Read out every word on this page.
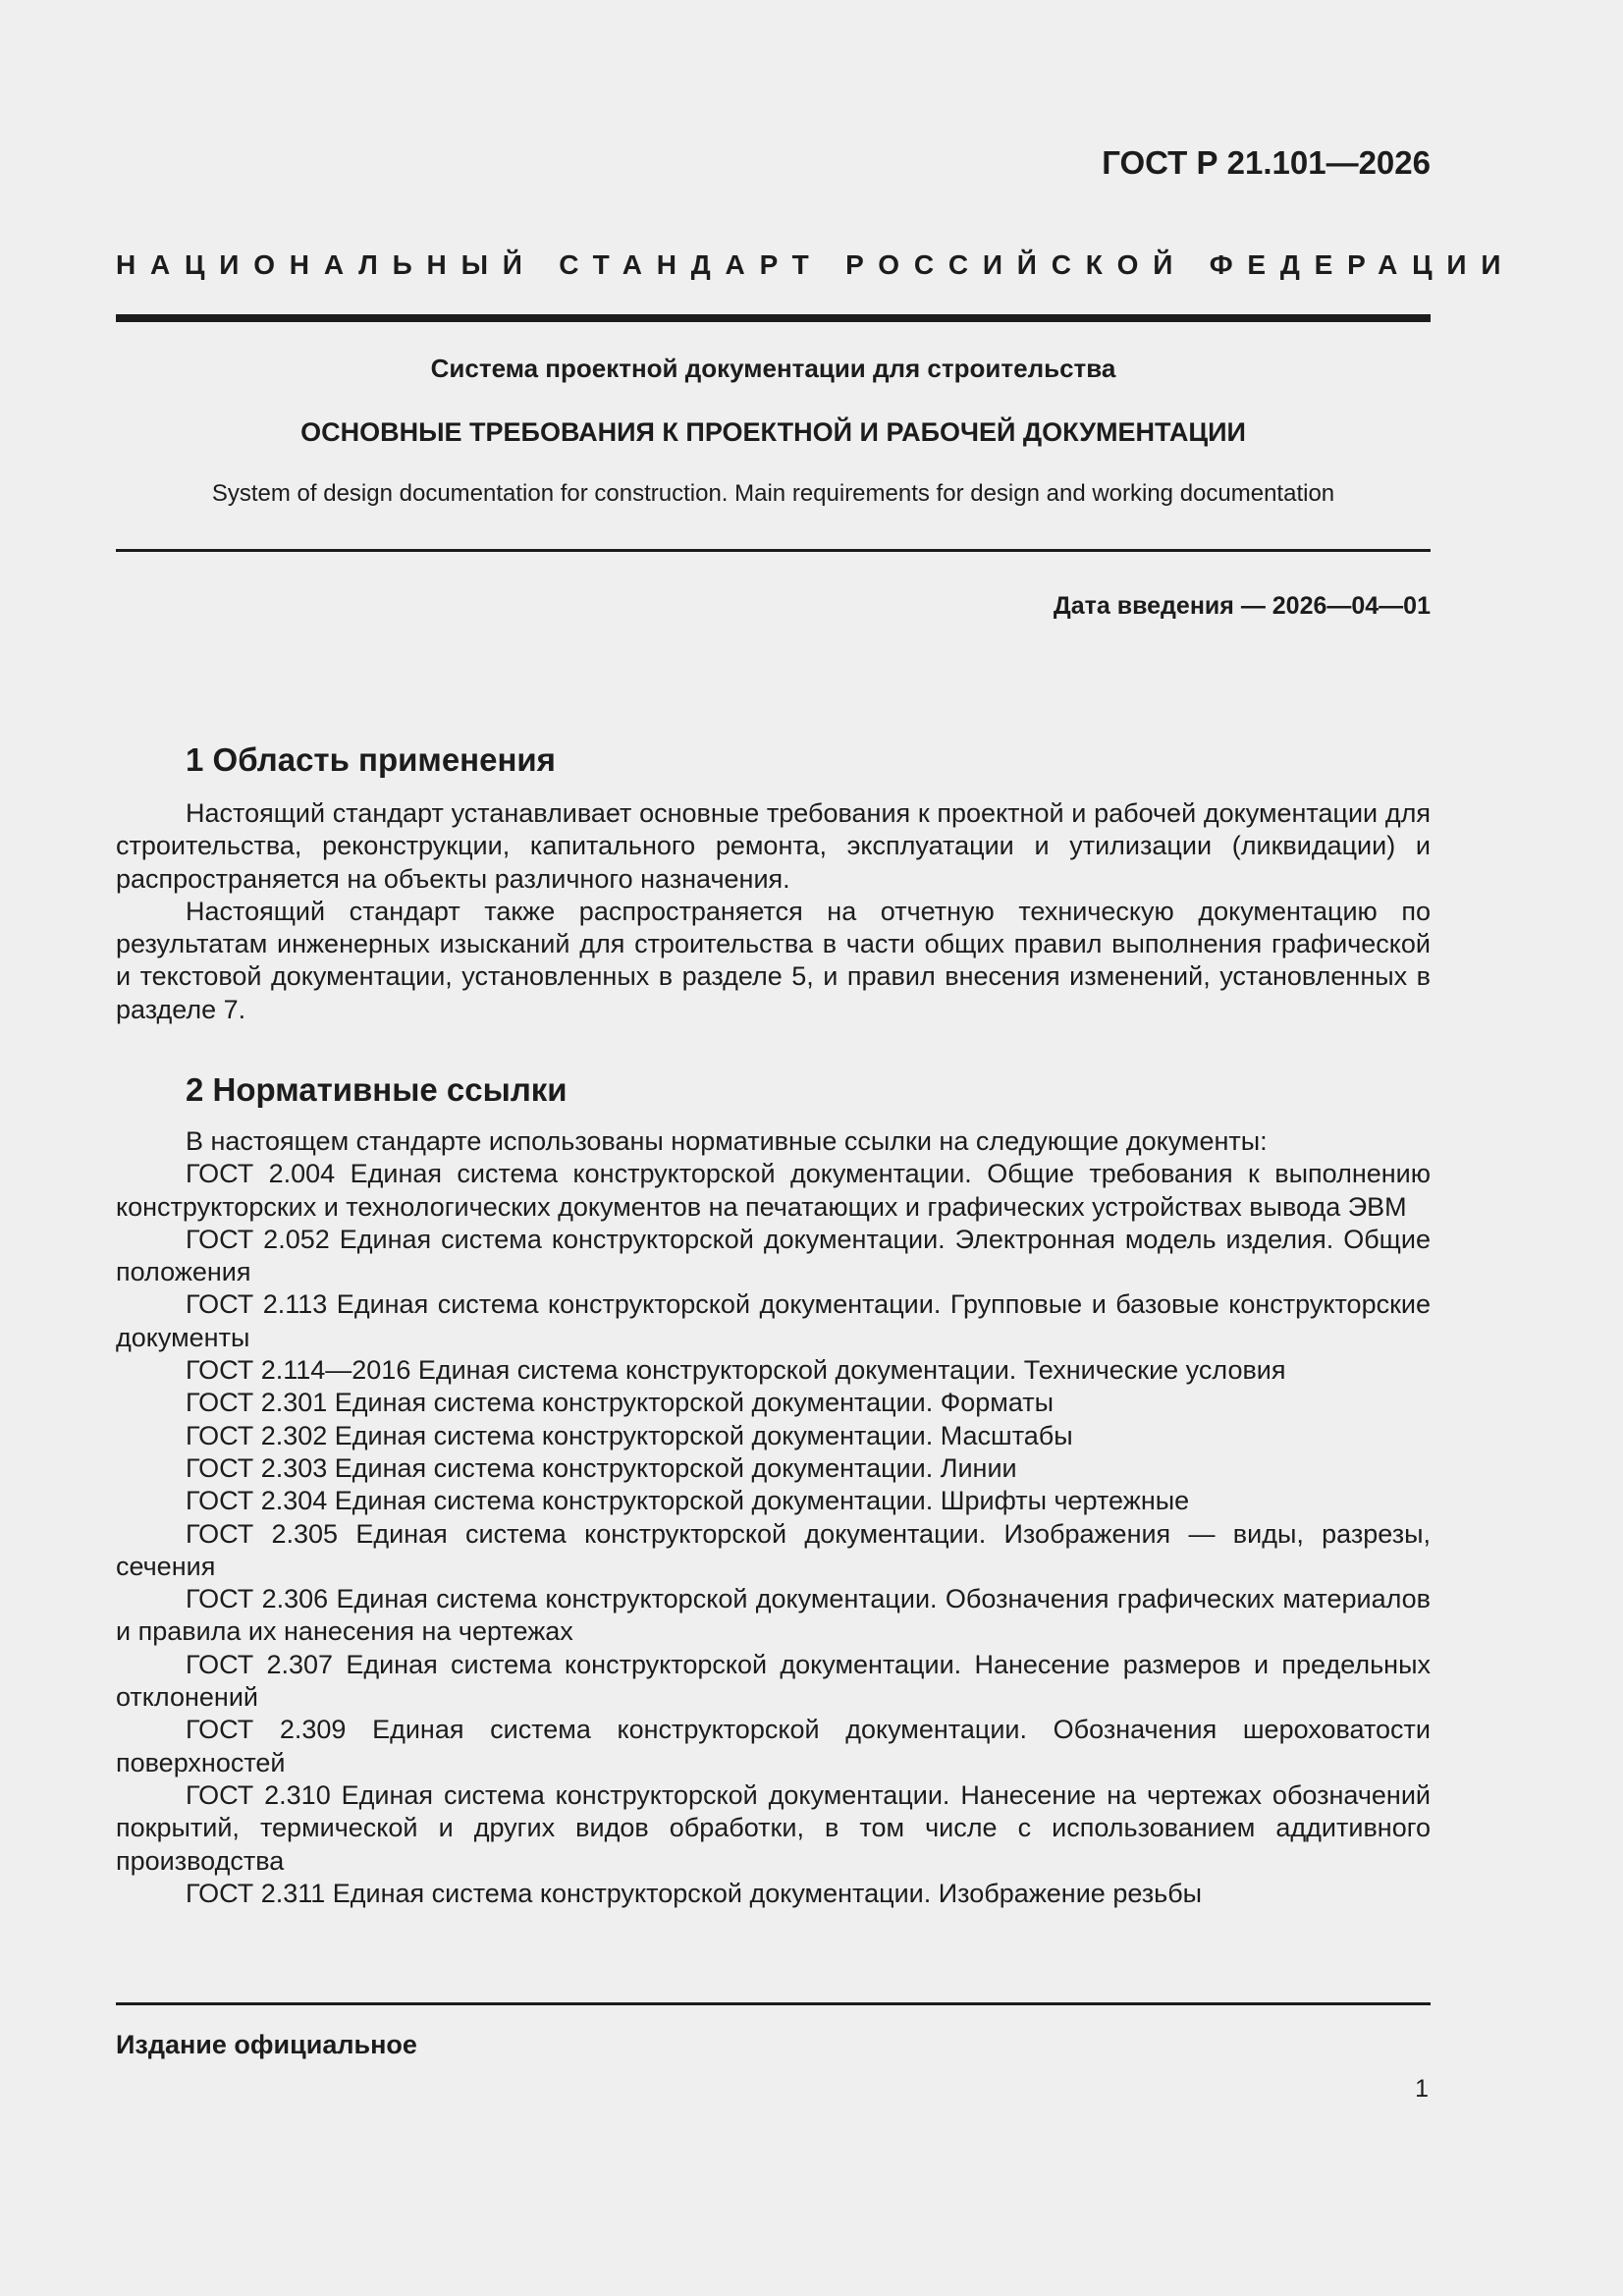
ГОСТ Р 21.101—2026
НАЦИОНАЛЬНЫЙ СТАНДАРТ РОССИЙСКОЙ ФЕДЕРАЦИИ
Система проектной документации для строительства
ОСНОВНЫЕ ТРЕБОВАНИЯ К ПРОЕКТНОЙ И РАБОЧЕЙ ДОКУМЕНТАЦИИ
System of design documentation for construction. Main requirements for design and working documentation
Дата введения — 2026—04—01
1 Область применения

Настоящий стандарт устанавливает основные требования к проектной и рабочей документации для строительства, реконструкции, капитального ремонта, эксплуатации и утилизации (ликвидации) и распространяется на объекты различного назначения.

Настоящий стандарт также распространяется на отчетную техническую документацию по результатам инженерных изысканий для строительства в части общих правил выполнения графической и текстовой документации, установленных в разделе 5, и правил внесения изменений, установленных в разделе 7.

2 Нормативные ссылки

В настоящем стандарте использованы нормативные ссылки на следующие документы:

ГОСТ 2.004 Единая система конструкторской документации. Общие требования к выполнению конструкторских и технологических документов на печатающих и графических устройствах вывода ЭВМ

ГОСТ 2.052 Единая система конструкторской документации. Электронная модель изделия. Общие положения

ГОСТ 2.113 Единая система конструкторской документации. Групповые и базовые конструкторские документы

ГОСТ 2.114—2016 Единая система конструкторской документации. Технические условия

ГОСТ 2.301 Единая система конструкторской документации. Форматы

ГОСТ 2.302 Единая система конструкторской документации. Масштабы

ГОСТ 2.303 Единая система конструкторской документации. Линии

ГОСТ 2.304 Единая система конструкторской документации. Шрифты чертежные

ГОСТ 2.305 Единая система конструкторской документации. Изображения — виды, разрезы, сечения

ГОСТ 2.306 Единая система конструкторской документации. Обозначения графических материалов и правила их нанесения на чертежах

ГОСТ 2.307 Единая система конструкторской документации. Нанесение размеров и предельных отклонений

ГОСТ 2.309 Единая система конструкторской документации. Обозначения шероховатости поверхностей

ГОСТ 2.310 Единая система конструкторской документации. Нанесение на чертежах обозначений покрытий, термической и других видов обработки, в том числе с использованием аддитивного производства

ГОСТ 2.311 Единая система конструкторской документации. Изображение резьбы

Издание официальное
1
